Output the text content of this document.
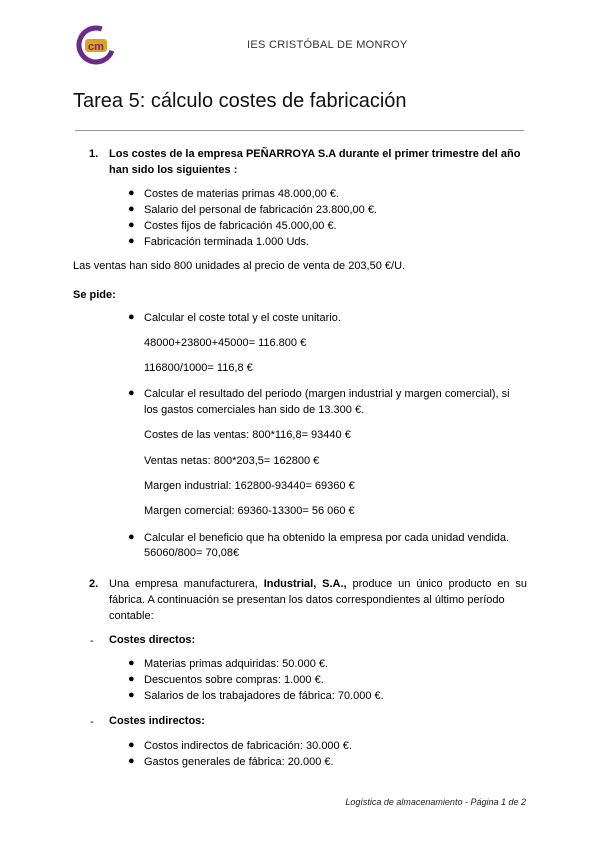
cm	IES CRISTÓBAL DE MONROY
Tarea 5: cálculo costes de fabricación
1. Los costes de la empresa PEÑARROYA S.A durante el primer trimestre del año
han sido los siguientes :
● Costes de materias primas 48.000,00 €.
● Salario del personal de fabricación 23.800,00 €.
● Costes fijos de fabricación 45.000,00 €.
● Fabricación terminada 1.000 Uds.
Las ventas han sido 800 unidades al precio de venta de 203,50 €/U.
Se pide:
● Calcular el coste total y el coste unitario.
48000+23800+45000= 116.800 €
116800/1000= 116,8 €
● Calcular el resultado del periodo (margen industrial y margen comercial), si
los gastos comerciales han sido de 13.300 €.
Costes de las ventas: 800*116,8= 93440 €
Ventas netas: 800*203,5= 162800 €
Margen industrial: 162800-93440= 69360 €
Margen comercial: 69360-13300= 56 060 €
● Calcular el beneficio que ha obtenido la empresa por cada unidad vendida.
56060/800= 70,08€
2. Una empresa manufacturera, Industrial, S.A., produce un único producto en su
fábrica. A continuación se presentan los datos correspondientes al último período
contable:
- Costes directos:
● Materias primas adquiridas: 50.000 €.
● Descuentos sobre compras: 1.000 €.
● Salarios de los trabajadores de fábrica: 70.000 €.
- Costes indirectos:
● Costos indirectos de fabricación: 30.000 €.
● Gastos generales de fábrica: 20.000 €.
Logística de almacenamiento - Página 1 de 2
